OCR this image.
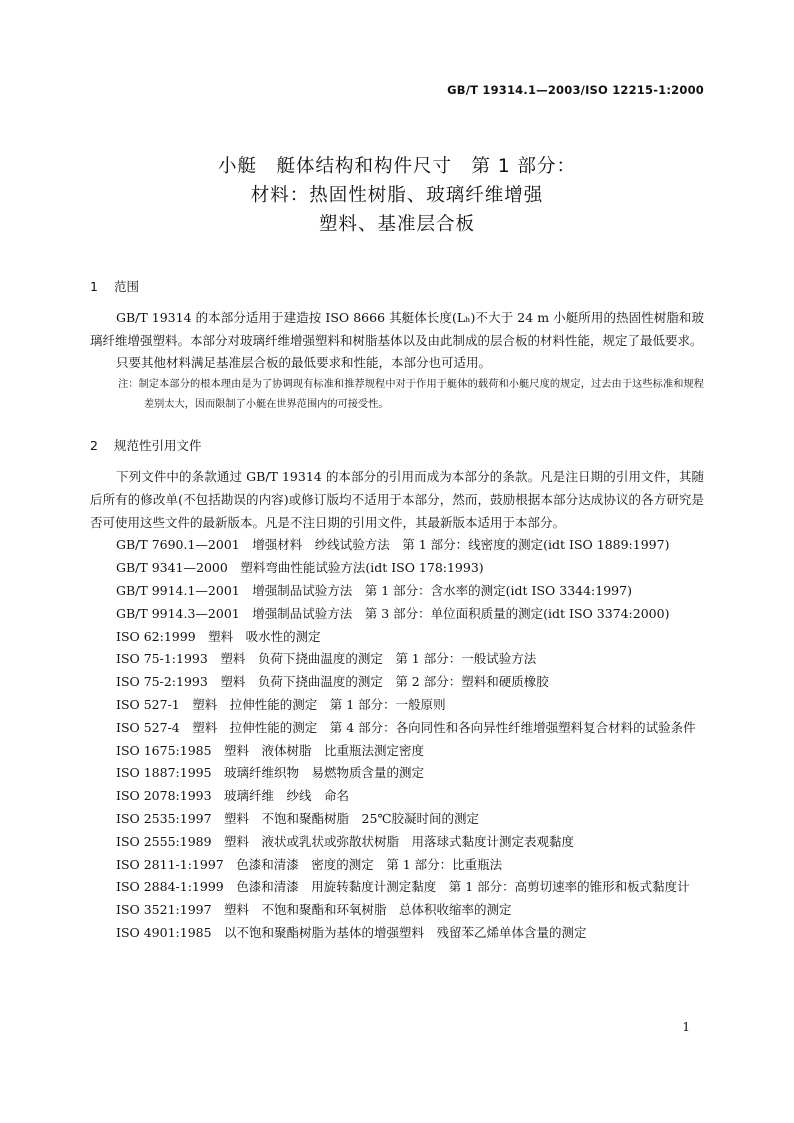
GB/T 19314.1—2003/ISO 12215-1:2000
小艇　艇体结构和构件尺寸　第 1 部分：
材料：热固性树脂、玻璃纤维增强
塑料、基准层合板

1 范围

GB/T 19314 的本部分适用于建造按 ISO 8666 其艇体长度(Lₕ)不大于 24 m 小艇所用的热固性树脂和玻璃纤维增强塑料。本部分对玻璃纤维增强塑料和树脂基体以及由此制成的层合板的材料性能，规定了最低要求。

只要其他材料满足基准层合板的最低要求和性能，本部分也可适用。

注：制定本部分的根本理由是为了协调现有标准和推荐规程中对于作用于艇体的载荷和小艇尺度的规定，过去由于这些标准和规程差别太大，因而限制了小艇在世界范围内的可接受性。

2 规范性引用文件

下列文件中的条款通过 GB/T 19314 的本部分的引用而成为本部分的条款。凡是注日期的引用文件，其随后所有的修改单(不包括勘误的内容)或修订版均不适用于本部分，然而，鼓励根据本部分达成协议的各方研究是否可使用这些文件的最新版本。凡是不注日期的引用文件，其最新版本适用于本部分。

GB/T 7690.1—2001　增强材料　纱线试验方法　第 1 部分：线密度的测定(idt ISO 1889:1997)

GB/T 9341—2000　塑料弯曲性能试验方法(idt ISO 178:1993)

GB/T 9914.1—2001　增强制品试验方法　第 1 部分：含水率的测定(idt ISO 3344:1997)

GB/T 9914.3—2001　增强制品试验方法　第 3 部分：单位面积质量的测定(idt ISO 3374:2000)

ISO 62:1999　塑料　吸水性的测定

ISO 75-1:1993　塑料　负荷下挠曲温度的测定　第 1 部分：一般试验方法

ISO 75-2:1993　塑料　负荷下挠曲温度的测定　第 2 部分：塑料和硬质橡胶

ISO 527-1　塑料　拉伸性能的测定　第 1 部分：一般原则

ISO 527-4　塑料　拉伸性能的测定　第 4 部分：各向同性和各向异性纤维增强塑料复合材料的试验条件

ISO 1675:1985　塑料　液体树脂　比重瓶法测定密度

ISO 1887:1995　玻璃纤维织物　易燃物质含量的测定

ISO 2078:1993　玻璃纤维　纱线　命名

ISO 2535:1997　塑料　不饱和聚酯树脂　25℃胶凝时间的测定

ISO 2555:1989　塑料　液状或乳状或弥散状树脂　用落球式黏度计测定表观黏度

ISO 2811-1:1997　色漆和清漆　密度的测定　第 1 部分：比重瓶法

ISO 2884-1:1999　色漆和清漆　用旋转黏度计测定黏度　第 1 部分：高剪切速率的锥形和板式黏度计

ISO 3521:1997　塑料　不饱和聚酯和环氧树脂　总体积收缩率的测定

ISO 4901:1985　以不饱和聚酯树脂为基体的增强塑料　残留苯乙烯单体含量的测定

1
